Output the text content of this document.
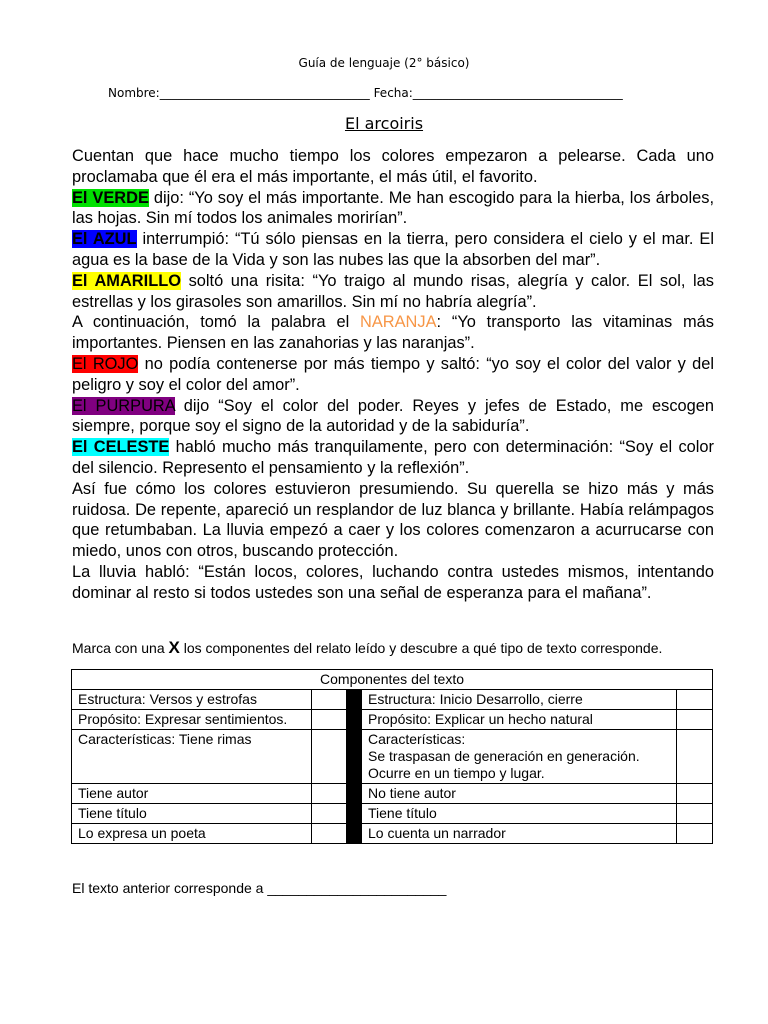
Guía de lenguaje (2° básico)
Nombre:___________________________________ Fecha:___________________________________
El arcoiris

Cuentan que hace mucho tiempo los colores empezaron a pelearse. Cada uno proclamaba que él era el más importante, el más útil, el favorito.

El VERDE dijo: “Yo soy el más importante. Me han escogido para la hierba, los árboles, las hojas. Sin mí todos los animales morirían”.

El AZUL interrumpió: “Tú sólo piensas en la tierra, pero considera el cielo y el mar. El agua es la base de la Vida y son las nubes las que la absorben del mar”.

El AMARILLO soltó una risita: “Yo traigo al mundo risas, alegría y calor. El sol, las estrellas y los girasoles son amarillos. Sin mí no habría alegría”.

A continuación, tomó la palabra el NARANJA: “Yo transporto las vitaminas más importantes. Piensen en las zanahorias y las naranjas”.

El ROJO no podía contenerse por más tiempo y saltó: “yo soy el color del valor y del peligro y soy el color del amor”.

El PURPURA dijo “Soy el color del poder. Reyes y jefes de Estado, me escogen siempre, porque soy el signo de la autoridad y de la sabiduría”.

El CELESTE habló mucho más tranquilamente, pero con determinación: “Soy el color del silencio. Represento el pensamiento y la reflexión”.

Así fue cómo los colores estuvieron presumiendo. Su querella se hizo más y más ruidosa. De repente, apareció un resplandor de luz blanca y brillante. Había relámpagos que retumbaban. La lluvia empezó a caer y los colores comenzaron a acurrucarse con miedo, unos con otros, buscando protección.

La lluvia habló: “Están locos, colores, luchando contra ustedes mismos, intentando dominar al resto si todos ustedes son una señal de esperanza para el mañana”.

Marca con una X los componentes del relato leído y descubre a qué tipo de texto corresponde.
Componentes del texto				
Estructura: Versos y estrofas			Estructura: Inicio Desarrollo, cierre	

Propósito: Expresar sentimientos.			Propósito: Explicar un hecho natural	

Características: Tiene rimas			Características:
Se traspasan de generación en generación.
Ocurre en un tiempo y lugar.	

Tiene autor			No tiene autor	

Tiene título			Tiene título	

Lo expresa un poeta			Lo cuenta un narrador	

El texto anterior corresponde a _______________________
